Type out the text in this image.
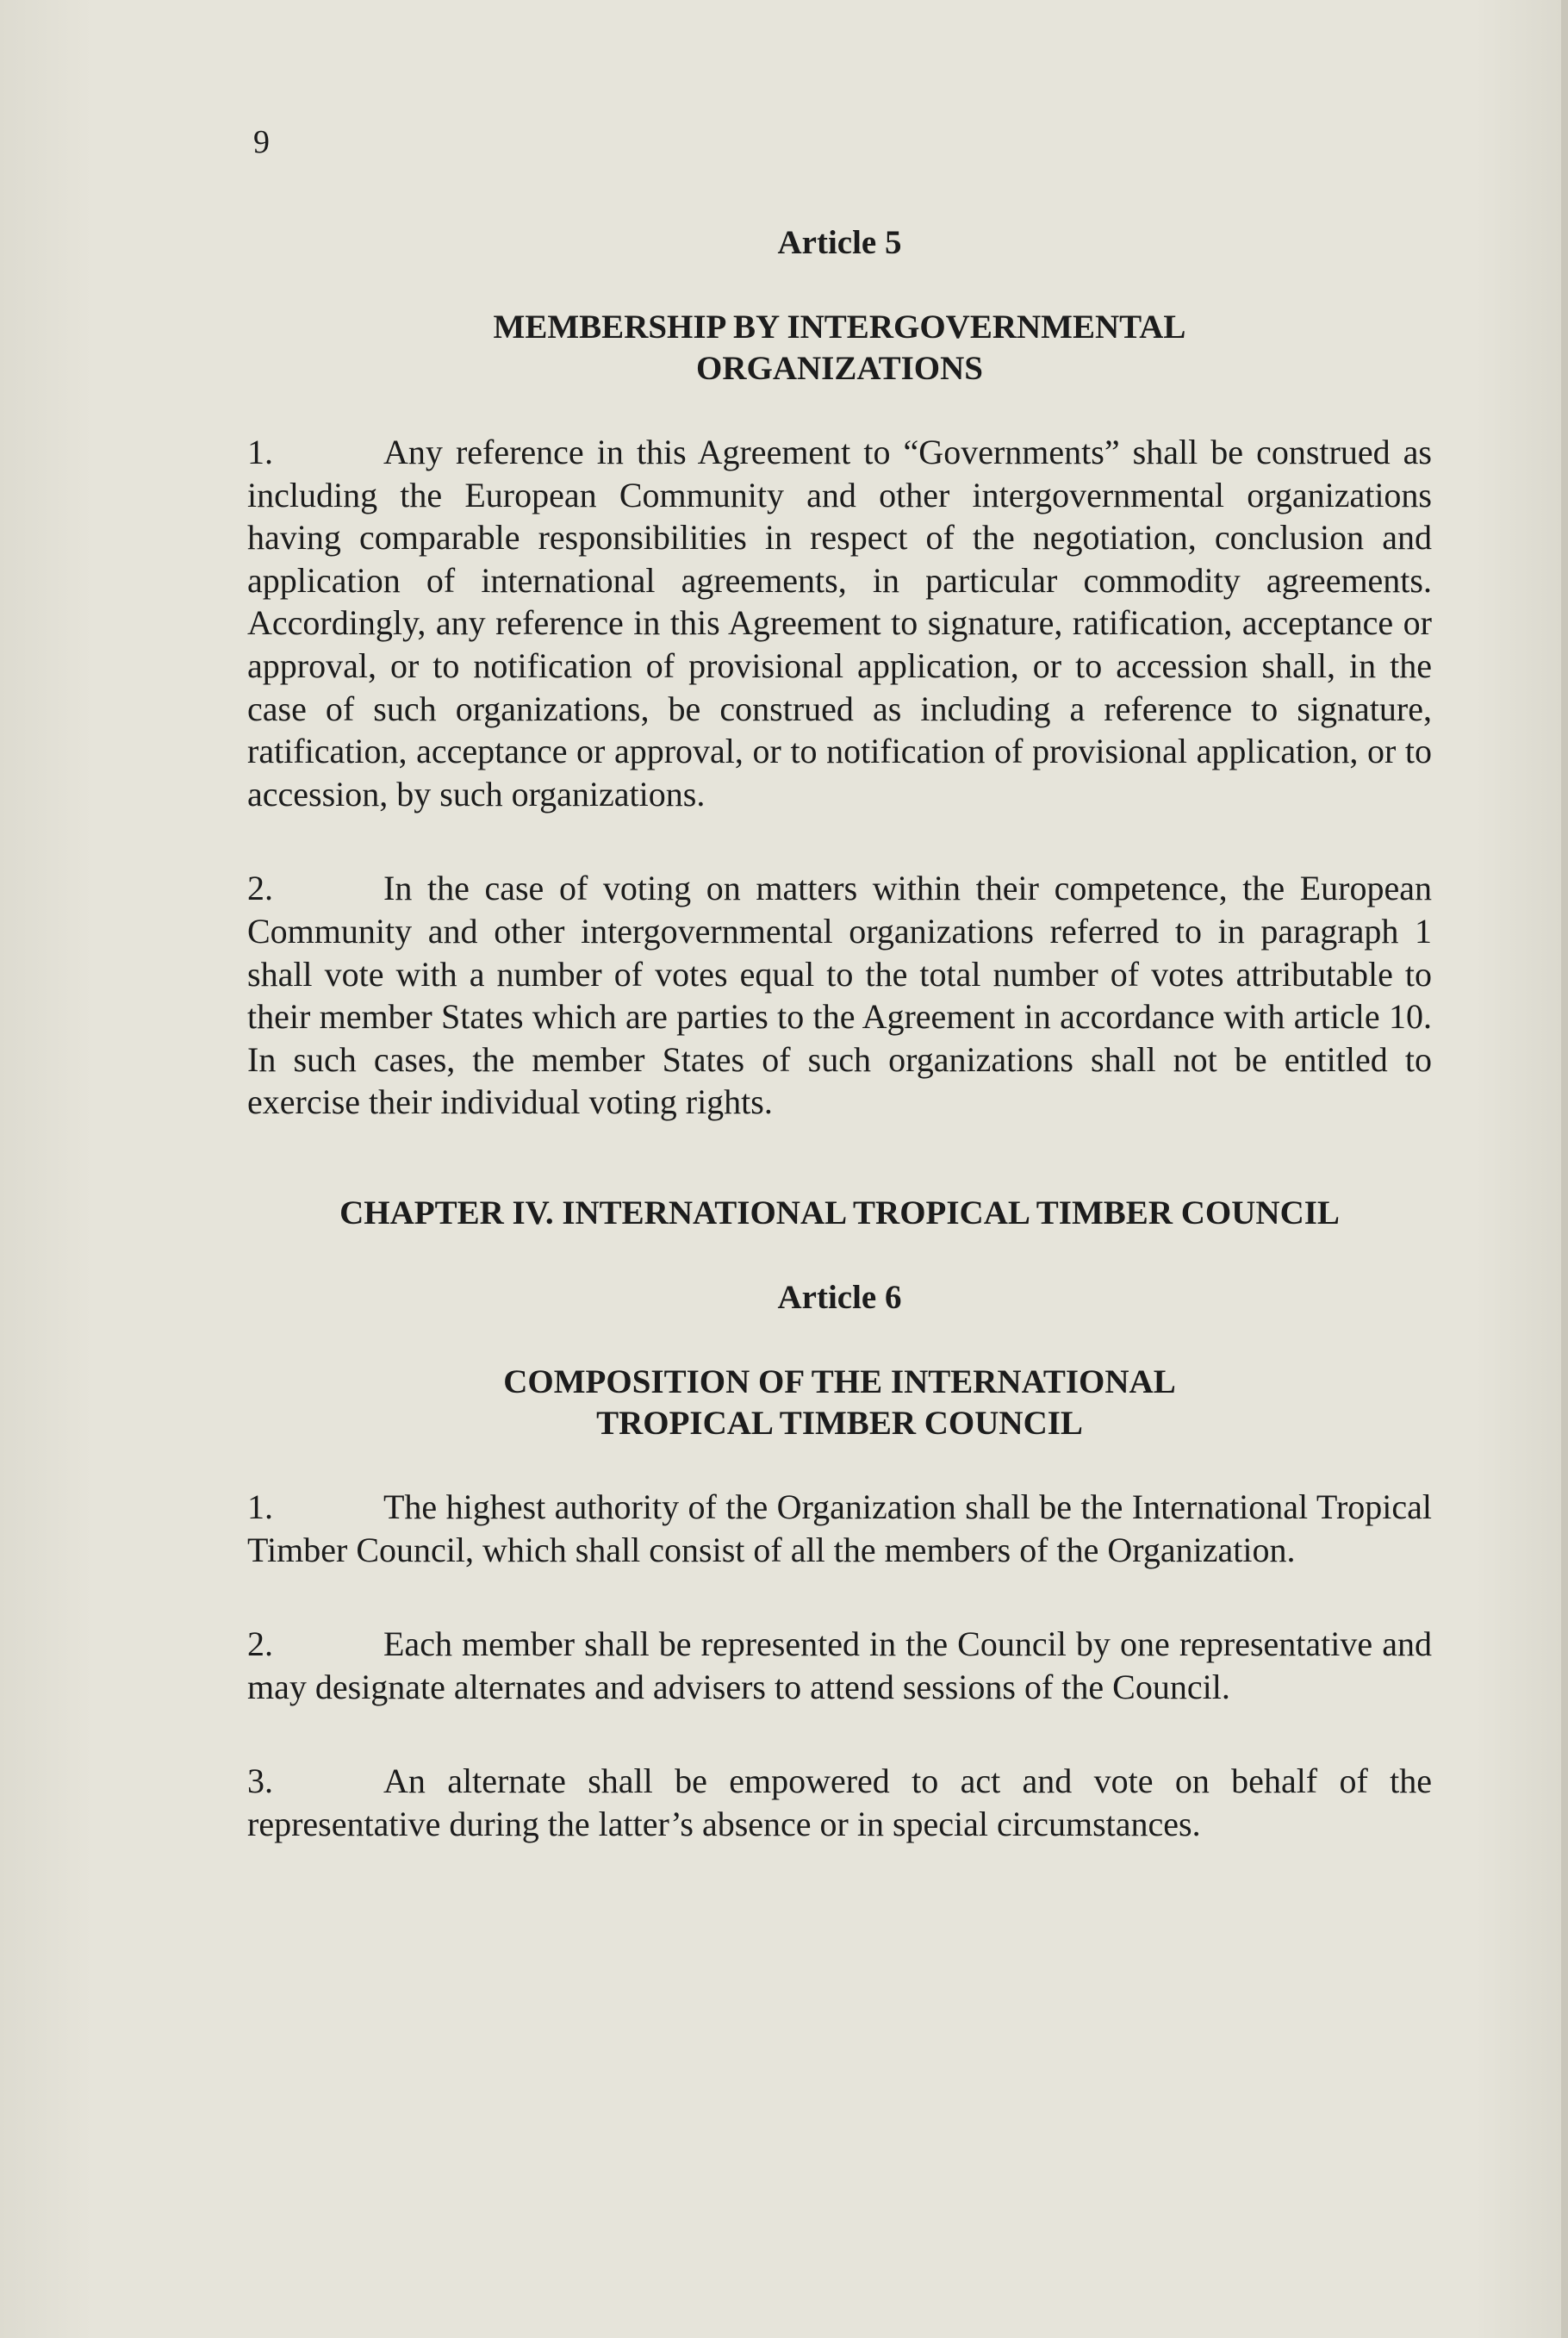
9

Article 5

MEMBERSHIP BY INTERGOVERNMENTAL

ORGANIZATIONS

1.	Any reference in this Agreement to “Governments” shall be construed as including the European Community and other intergovernmental organizations having comparable responsibilities in respect of the negotiation, conclusion and application of international agreements, in particular commodity agreements. Accordingly, any reference in this Agreement to signature, ratification, acceptance or approval, or to notification of provisional application, or to accession shall, in the case of such organizations, be construed as including a reference to signature, ratification, acceptance or approval, or to notification of provisional application, or to accession, by such organizations.

2.	In the case of voting on matters within their competence, the European Community and other intergovernmental organizations referred to in paragraph 1 shall vote with a number of votes equal to the total number of votes attributable to their member States which are parties to the Agreement in accordance with article 10. In such cases, the member States of such organizations shall not be entitled to exercise their individual voting rights.

CHAPTER IV. INTERNATIONAL TROPICAL TIMBER COUNCIL

Article 6

COMPOSITION OF THE INTERNATIONAL

TROPICAL TIMBER COUNCIL

1.	The highest authority of the Organization shall be the International Tropical Timber Council, which shall consist of all the members of the Organization.

2.	Each member shall be represented in the Council by one representative and may designate alternates and advisers to attend sessions of the Council.

3.	An alternate shall be empowered to act and vote on behalf of the representative during the latter’s absence or in special circumstances.
